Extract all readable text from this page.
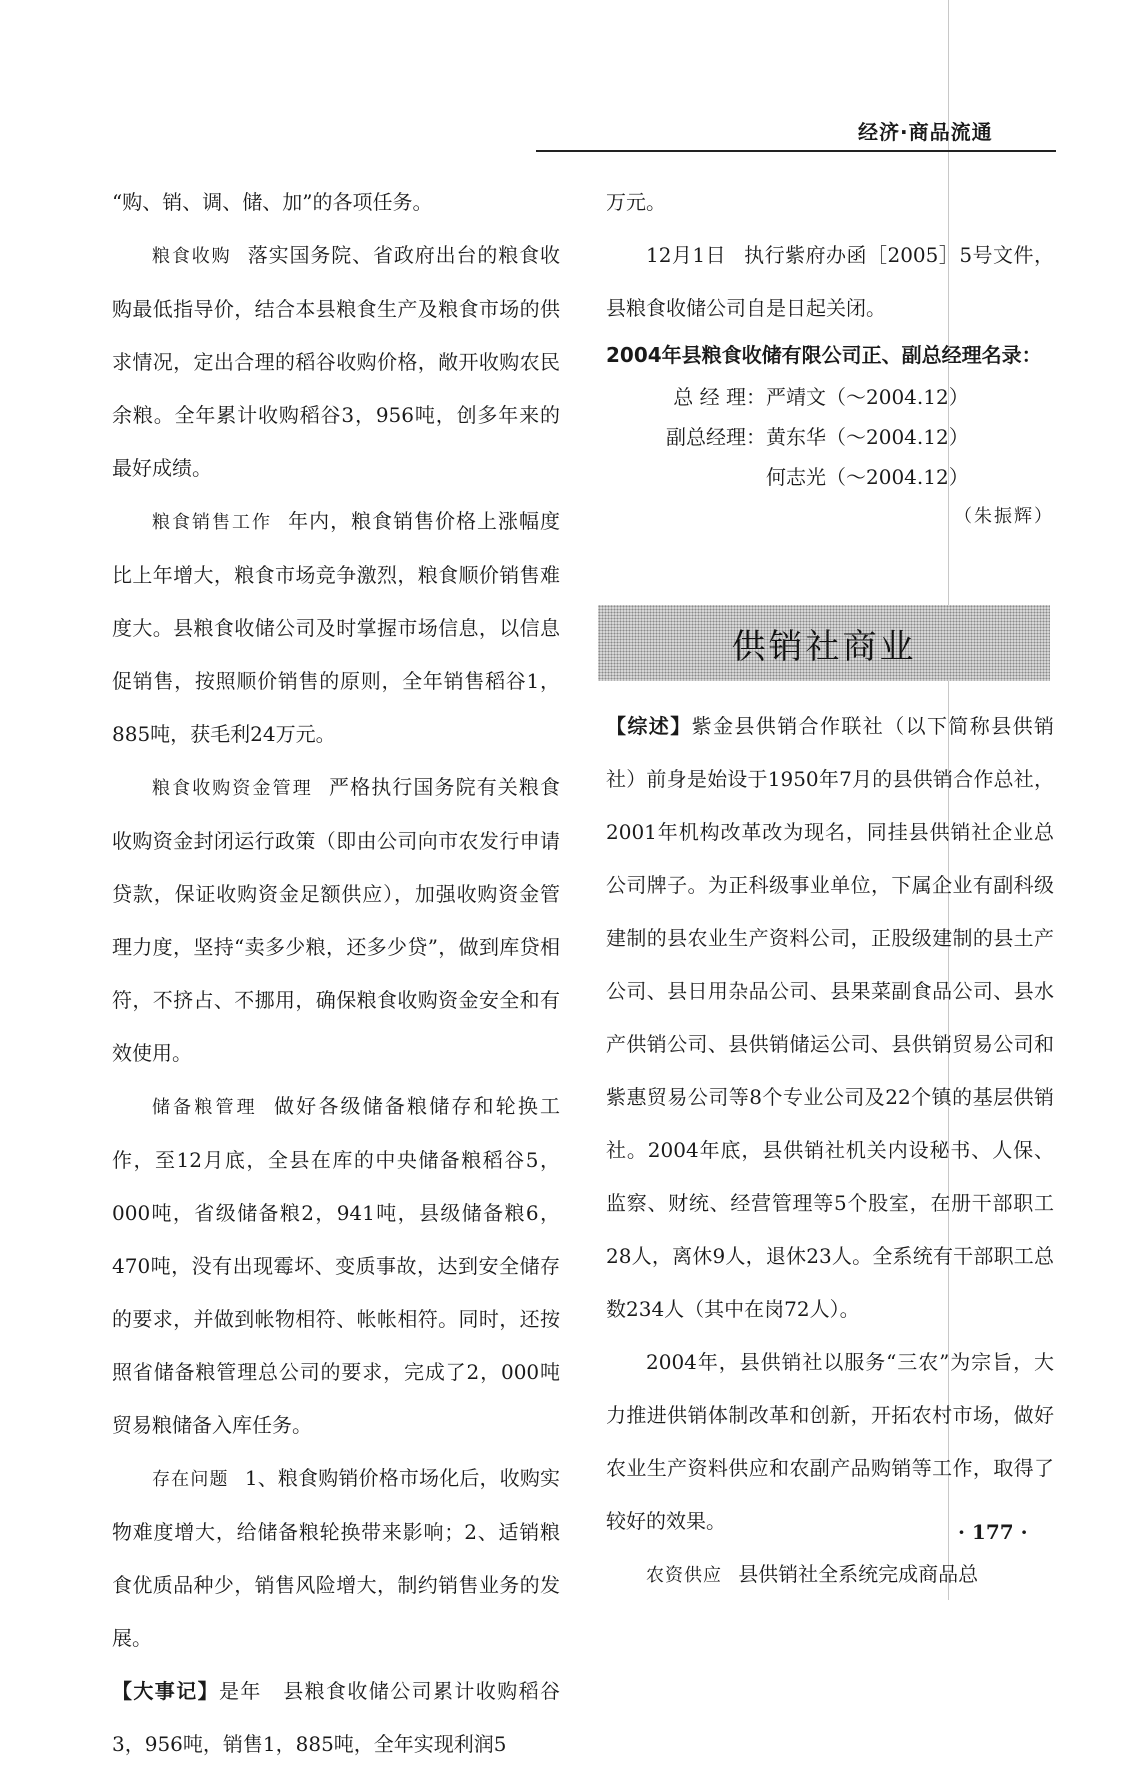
经济·商品流通

“购、销、调、储、加”的各项任务。

粮食收购 落实国务院、省政府出台的粮食收购最低指导价，结合本县粮食生产及粮食市场的供求情况，定出合理的稻谷收购价格，敞开收购农民余粮。全年累计收购稻谷3，956吨，创多年来的最好成绩。

粮食销售工作 年内，粮食销售价格上涨幅度比上年增大，粮食市场竞争激烈，粮食顺价销售难度大。县粮食收储公司及时掌握市场信息，以信息促销售，按照顺价销售的原则，全年销售稻谷1，885吨，获毛利24万元。

粮食收购资金管理 严格执行国务院有关粮食收购资金封闭运行政策（即由公司向市农发行申请贷款，保证收购资金足额供应），加强收购资金管理力度，坚持“卖多少粮，还多少贷”，做到库贷相符，不挤占、不挪用，确保粮食收购资金安全和有效使用。

储备粮管理 做好各级储备粮储存和轮换工作，至12月底，全县在库的中央储备粮稻谷5，000吨，省级储备粮2，941吨，县级储备粮6，470吨，没有出现霉坏、变质事故，达到安全储存的要求，并做到帐物相符、帐帐相符。同时，还按照省储备粮管理总公司的要求，完成了2，000吨贸易粮储备入库任务。

存在问题 1、粮食购销价格市场化后，收购实物难度增大，给储备粮轮换带来影响；2、适销粮食优质品种少，销售风险增大，制约销售业务的发展。

【大事记】是年　县粮食收储公司累计收购稻谷3，956吨，销售1，885吨，全年实现利润5

万元。

12月1日 执行紫府办函［2005］5号文件，县粮食收储公司自是日起关闭。

2004年县粮食收储有限公司正、副总经理名录：

总 经 理：严靖文（～2004.12）
副总经理：黄东华（～2004.12）
何志光（～2004.12）

（朱振辉）

供销社商业

【综述】紫金县供销合作联社（以下简称县供销社）前身是始设于1950年7月的县供销合作总社，2001年机构改革改为现名，同挂县供销社企业总公司牌子。为正科级事业单位，下属企业有副科级建制的县农业生产资料公司，正股级建制的县土产公司、县日用杂品公司、县果菜副食品公司、县水产供销公司、县供销储运公司、县供销贸易公司和紫惠贸易公司等8个专业公司及22个镇的基层供销社。2004年底，县供销社机关内设秘书、人保、监察、财统、经营管理等5个股室，在册干部职工28人，离休9人，退休23人。全系统有干部职工总数234人（其中在岗72人）。

2004年，县供销社以服务“三农”为宗旨，大力推进供销体制改革和创新，开拓农村市场，做好农业生产资料供应和农副产品购销等工作，取得了较好的效果。

农资供应 县供销社全系统完成商品总

· 177 ·
